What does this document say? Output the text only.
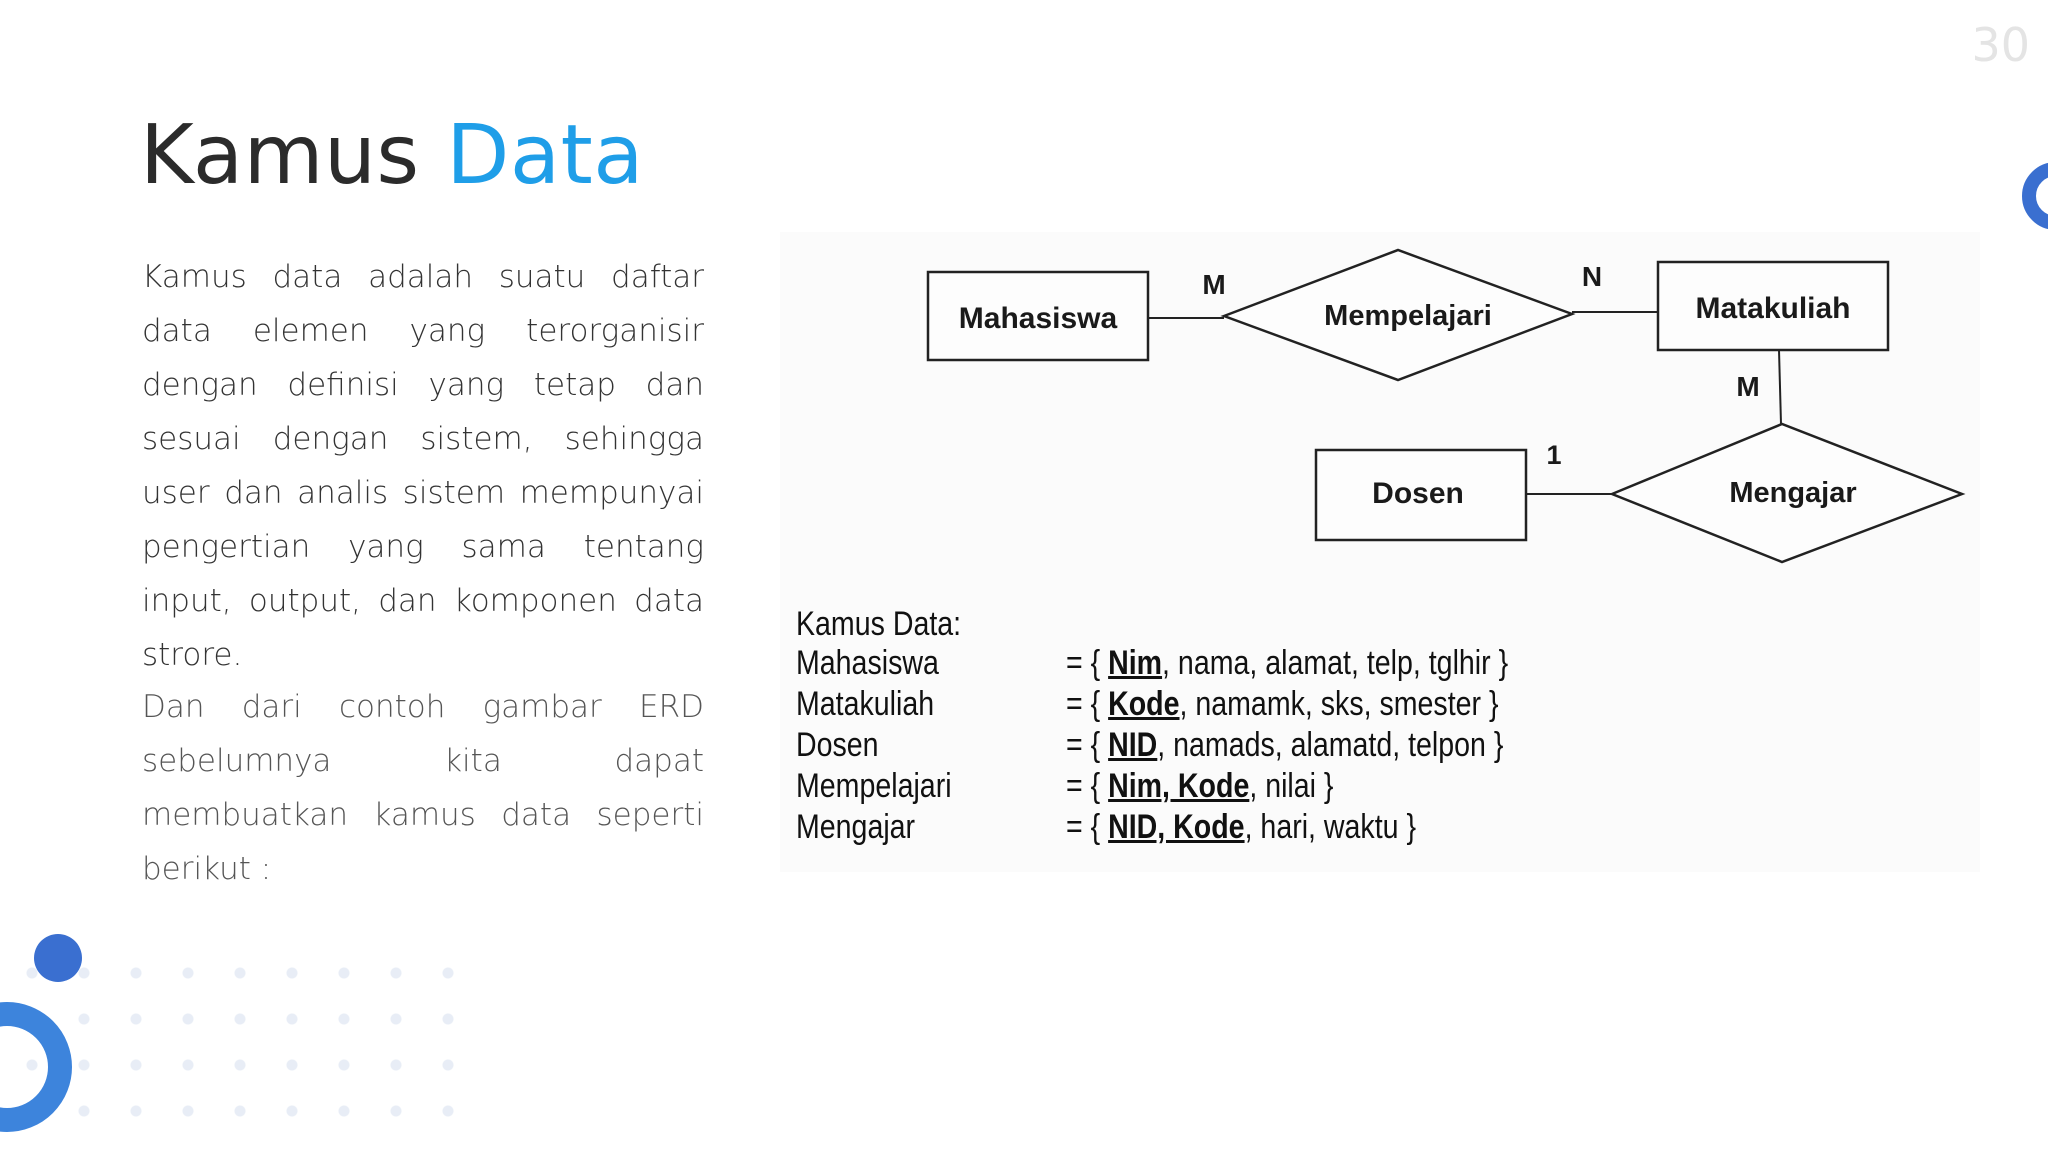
30
Kamus Data

Kamus data adalah suatu daftar data elemen yang terorganisir dengan definisi yang tetap dan sesuai dengan sistem, sehingga user dan analis sistem mempunyai pengertian yang sama tentang input, output, dan komponen data strore.

Dan dari contoh gambar ERD sebelumnya kita dapat membuatkan kamus data seperti berikut :

Mahasiswa	Mempelajari	Matakuliah
Dosen	Mengajar
M	N
M
1
Kamus Data:
Mahasiswa	= { Nim, nama, alamat, telp, tglhir }
Matakuliah	= { Kode, namamk, sks, smester }
Dosen	= { NID, namads, alamatd, telpon }
Mempelajari	= { Nim, Kode, nilai }
Mengajar	= { NID, Kode, hari, waktu }
